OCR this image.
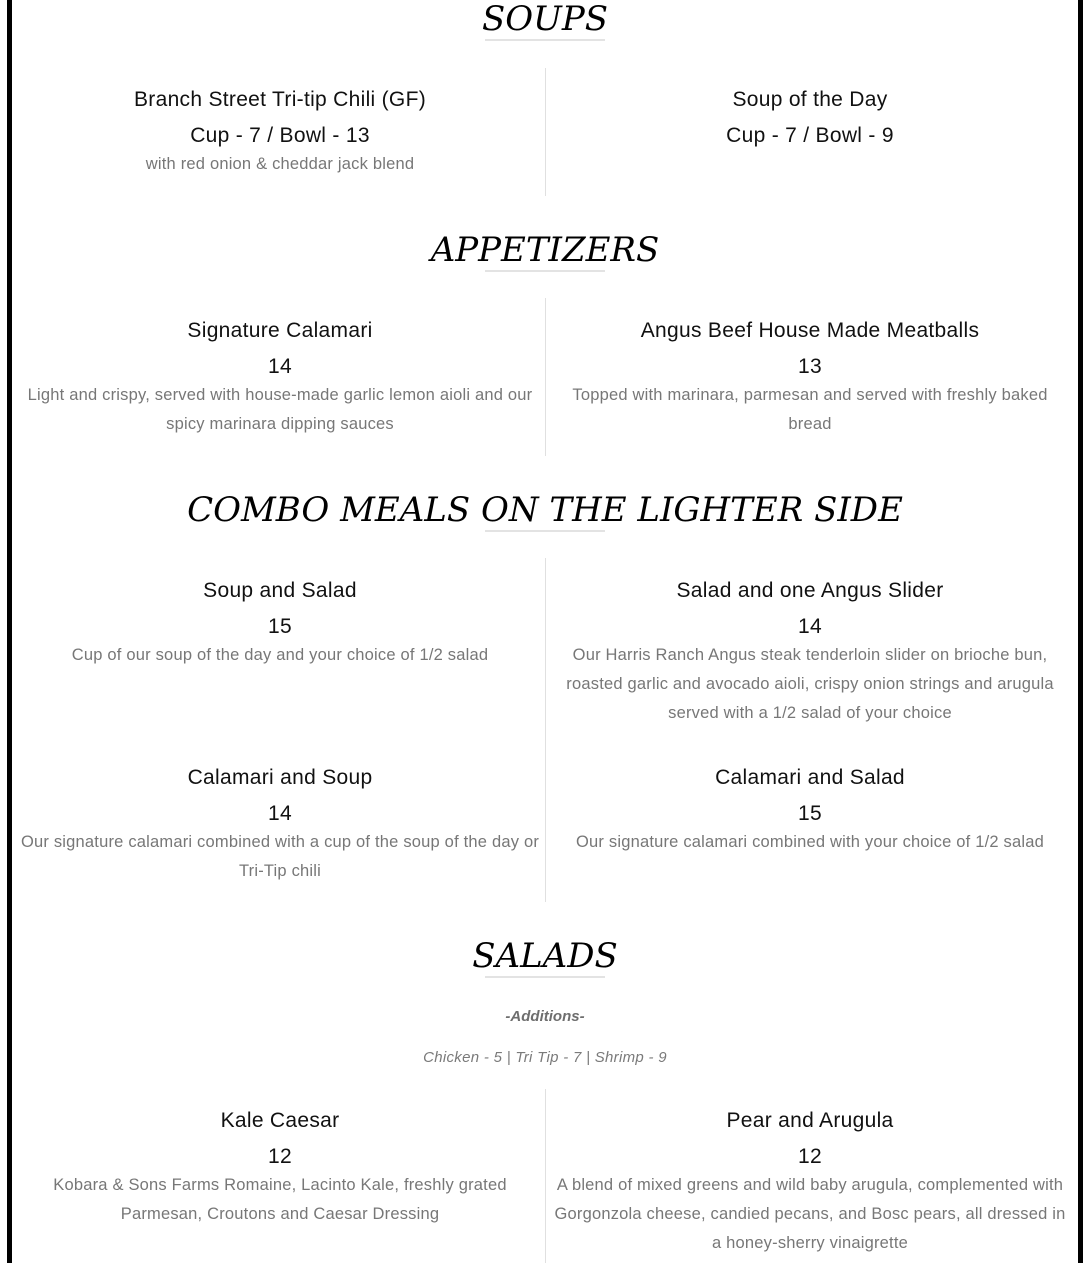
SOUPS
Branch Street Tri-tip Chili (GF)
Cup - 7 / Bowl - 13

with red onion & cheddar jack blend

Soup of the Day
Cup - 7 / Bowl - 9
APPETIZERS
Signature Calamari
14

Light and crispy, served with house-made garlic lemon aioli and our spicy marinara dipping sauces

Angus Beef House Made Meatballs
13

Topped with marinara, parmesan and served with freshly baked bread

COMBO MEALS ON THE LIGHTER SIDE
Soup and Salad
15

Cup of our soup of the day and your choice of 1/2 salad

Salad and one Angus Slider
14

Our Harris Ranch Angus steak tenderloin slider on brioche bun, roasted garlic and avocado aioli, crispy onion strings and arugula served with a 1/2 salad of your choice

Calamari and Soup
14

Our signature calamari combined with a cup of the soup of the day or Tri-Tip chili

Calamari and Salad
15

Our signature calamari combined with your choice of 1/2 salad

SALADS
-Additions-
Chicken - 5 | Tri Tip - 7 | Shrimp - 9
Kale Caesar
12

Kobara & Sons Farms Romaine, Lacinto Kale, freshly grated Parmesan, Croutons and Caesar Dressing

Pear and Arugula
12

A blend of mixed greens and wild baby arugula, complemented with Gorgonzola cheese, candied pecans, and Bosc pears, all dressed in a honey-sherry vinaigrette
